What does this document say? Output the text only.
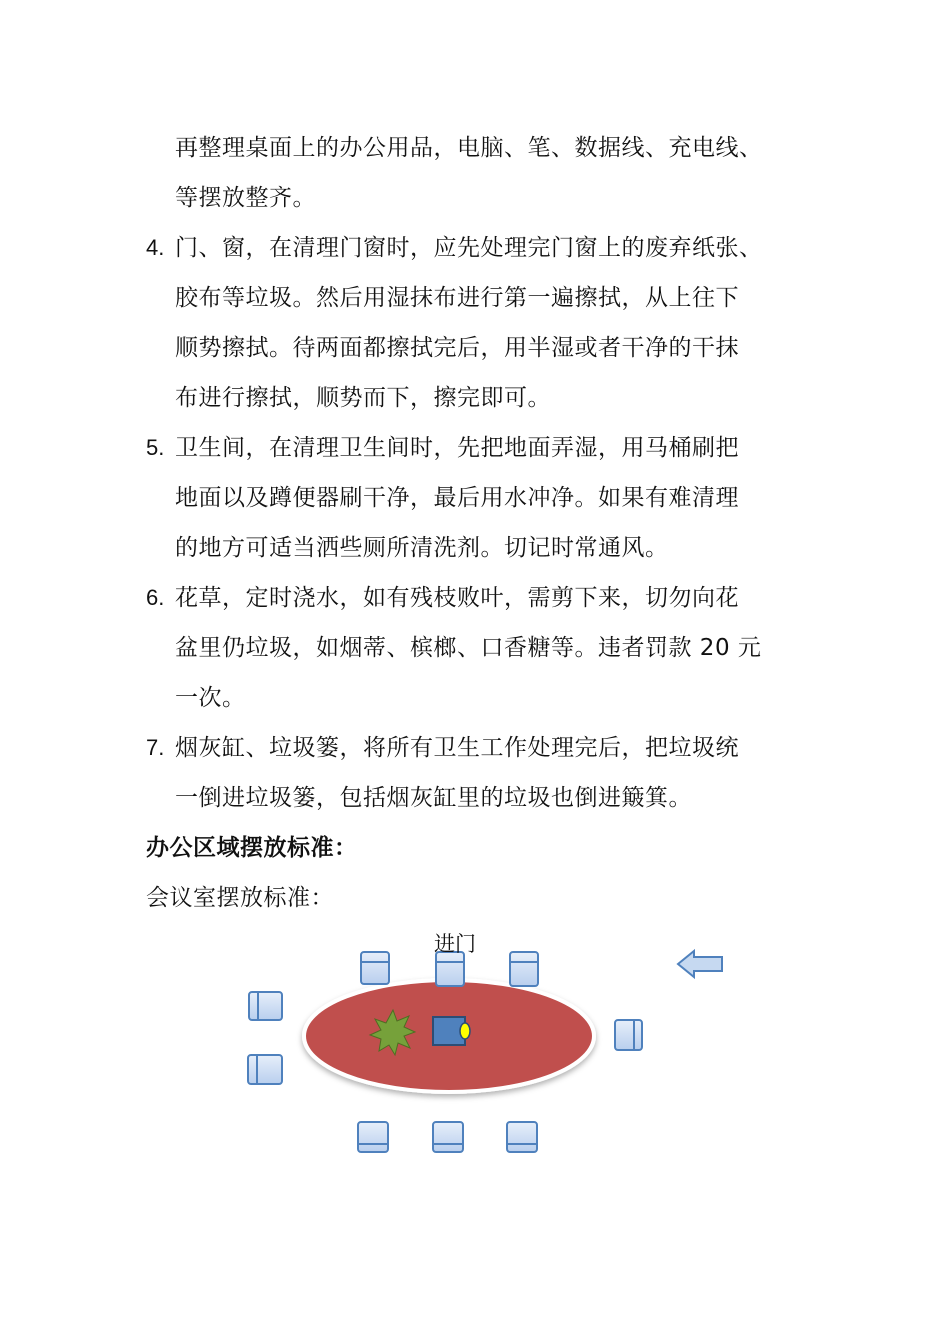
再整理桌面上的办公用品，电脑、笔、数据线、充电线、
等摆放整齐。
4. 门、窗，在清理门窗时，应先处理完门窗上的废弃纸张、
胶布等垃圾。然后用湿抹布进行第一遍擦拭，从上往下
顺势擦拭。待两面都擦拭完后，用半湿或者干净的干抹
布进行擦拭，顺势而下，擦完即可。
5. 卫生间，在清理卫生间时，先把地面弄湿，用马桶刷把
地面以及蹲便器刷干净，最后用水冲净。如果有难清理
的地方可适当洒些厕所清洗剂。切记时常通风。
6. 花草，定时浇水，如有残枝败叶，需剪下来，切勿向花
盆里仍垃圾，如烟蒂、槟榔、口香糖等。违者罚款 20 元
一次。
7. 烟灰缸、垃圾篓，将所有卫生工作处理完后，把垃圾统
一倒进垃圾篓，包括烟灰缸里的垃圾也倒进簸箕。
办公区域摆放标准：
会议室摆放标准：
进门
